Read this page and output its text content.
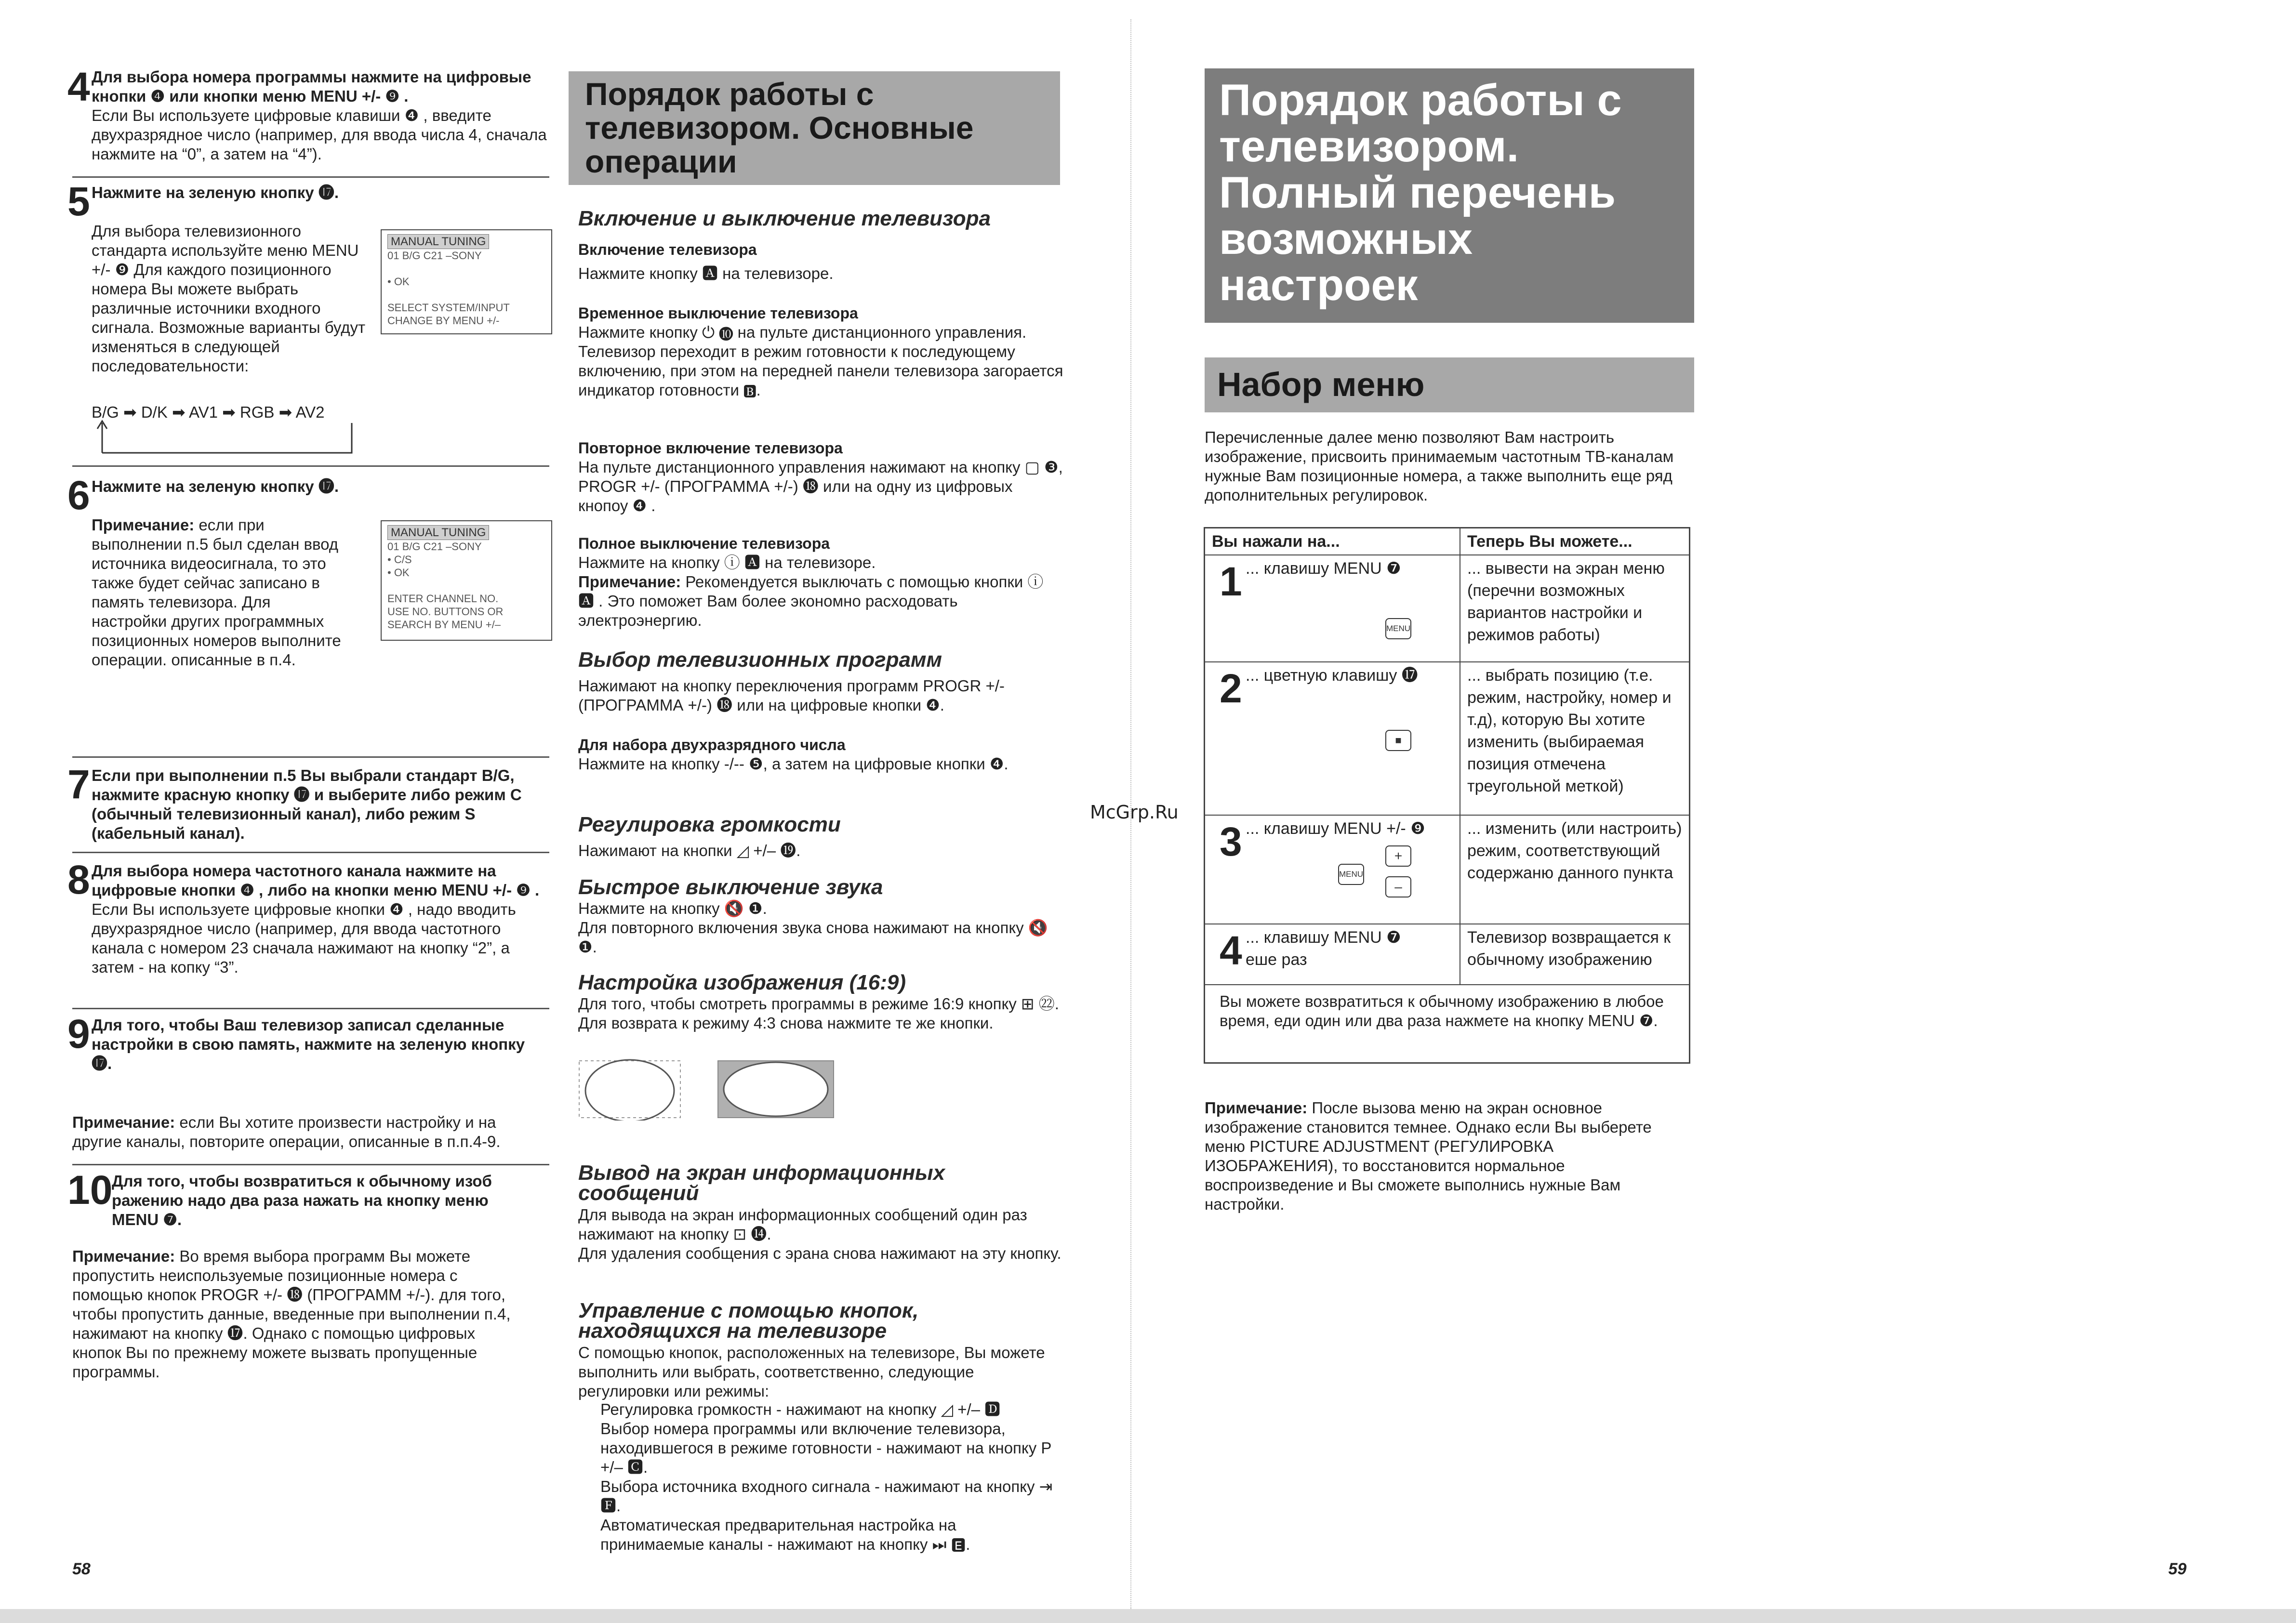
4 Для выбора номера программы нажмите на цифровые кнопки ❹ или кнопки меню MENU +/- ❾ .
Если Вы используете цифровые клавиши ❹ , введите двухразрядное число (например, для ввода числа 4, сначала нажмите на “0”, а затем на “4”).
5 Нажмите на зеленую кнопку ⓱.
Для выбора телевизионного стандарта используйте меню MENU +/- ❾ Для каждого позиционного номера Вы можете выбрать различные источники входного сигнала. Возможные варианты будут изменяться в следующей последовательности:
B/G ➡ D/K ➡ AV1 ➡ RGB ➡ AV2
MANUAL TUNING
01 B/G C21 –SONY

• OK

SELECT SYSTEM/INPUT
CHANGE BY MENU +/-
6 Нажмите на зеленую кнопку ⓱.
Примечание: если при выполнении п.5 был сделан ввод источника видеосигнала, то это также будет сейчас записано в память телевизора. Для настройки других программных позиционных номеров выполните операции. описанные в п.4.
MANUAL TUNING
01 B/G C21 –SONY
• C/S
• OK

ENTER CHANNEL NO.
USE NO. BUTTONS OR
SEARCH BY MENU +/–
7 Если при выполнении п.5 Вы выбрали стандарт B/G, нажмите красную кнопку ⓱ и выберите либо режим С (обычный телевизионный канал), либо режим S (кабельный канал).
8 Для выбора номера частотного канала нажмите на цифровые кнопки ❹ , либо на кнопки меню MENU +/- ❾ .
Если Вы используете цифровые кнопки ❹ , надо вводить двухразрядное число (например, для ввода частотного канала с номером 23 сначала нажимают на кнопку “2”, а затем - на копку “3”.
9 Для того, чтобы Ваш телевизор записал сделанные настройки в свою память, нажмите на зеленую кнопку ⓱.
Примечание: если Вы хотите произвести настройку и на другие каналы, повторите операции, описанные в п.п.4-9.
10
Для того, чтобы возвратиться к обычному изоб ражению надо два раза нажать на кнопку меню MENU ❼.
Примечание: Во время выбора программ Вы можете пропустить неиспользуемые позиционные номера с помощью кнопок PROGR +/- ⓲ (ПРОГРАММ +/-). для того, чтобы пропустить данные, введенные при выполнении п.4, нажимают на кнопку ⓱. Однако с помощью цифровых кнопок Вы по прежнему можете вызвать пропущенные программы.
58
Порядок работы с телевизором. Основные операции
Включение и выключение телевизора
Включение телевизора
Нажмите кнопку 🅰 на телевизоре.
Временное выключение телевизора
Нажмите кнопку ⏻ ❿ на пульте дистанционного управления. Телевизор переходит в режим готовности к последующему включению, при этом на передней панели телевизора загорается индикатор готовности 🅱.
Повторное включение телевизора
На пульте дистанционного управления нажимают на кнопку ▢ ❸, PROGR +/- (ПРОГРАММА +/-) ⓲ или на одну из цифровых кнопоу ❹ .
Полное выключение телевизора
Нажмите на кнопку ⓘ 🅰 на телевизоре.
Примечание: Рекомендуется выключать с помощью кнопки ⓘ 🅰 . Это поможет Вам более экономно расходовать электроэнергию.
Выбор телевизионных программ
Нажимают на кнопку переключения программ PROGR +/- (ПРОГРАММА +/-) ⓲ или на цифровые кнопки ❹.
Для набора двухразрядного числа
Нажмите на кнопку -/-- ❺, а затем на цифровые кнопки ❹.
Регулировка громкости
Нажимают на кнопки ◿ +/– ⓳.
Быстрое выключение звука
Нажмите на кнопку 🔇 ❶.
Для повторного включения звука снова нажимают на кнопку 🔇 ❶.
Настройка изображения (16:9)
Для того, чтобы смотреть программы в режиме 16:9 кнопку ⊞ ㉒.
Для возврата к режиму 4:3 снова нажмите те же кнопки.
Вывод на экран информационных сообщений
Для вывода на экран информационных сообщений один раз нажимают на кнопку ⊡ ⓮.
Для удаления сообщения с эрана снова нажимают на эту кнопку.
Управление с помощью кнопок, находящихся на телевизоре
С помощью кнопок, расположенных на телевизоре, Вы можете выполнить или выбрать, соответственно, следующие регулировки или режимы:
Регулировка громкостн - нажимают на кнопку ◿ +/– 🅳
Выбор номера программы или включение телевизора, находившегося в режиме готовности - нажимают на кнопку P +/– 🅲.
Выбора источника входного сигнала - нажимают на кнопку ⇥ 🅵.
Автоматическая предварительная настройка на принимаемые каналы - нажимают на кнопку ⏭ 🅴.
McGrp.Ru
Порядок работы с телевизором. Полный перечень возможных настроек
Набор меню
Перечисленные далее меню позволяют Вам настроить изображение, присвоить принимаемым частотным ТВ-каналам нужные Вам позиционные номера, а также выполнить еще ряд дополнительных регулировок.
Вы нажали на...	Теперь Вы можете...

1 ... клавишу MENU ❼
MENU	... вывести на экран меню (перечни возможных вариантов настройки и режимов работы)

2 ... цветную клавишу ⓱
■	... выбрать позицию (т.е. режим, настройку, номер и т.д), которую Вы хотите изменить (выбираемая позиция отмечена треугольной меткой)

3 ... клавишу MENU +/- ❾
MENU
+
–	... изменить (или настроить) режим, соответствующий содержаню данного пункта

4 ... клавишу MENU ❼
еше раз	Телевизор возвращается к обычному изображению
Вы можете возвратиться к обычному изображению в любое время, еди один или два раза нажмете на кнопку MENU ❼.	
Примечание: После вызова меню на экран основное изображение становится темнее. Однако если Вы выберете меню PICTURE ADJUSTMENT (РЕГУЛИРОВКА ИЗОБРАЖЕНИЯ), то восстановится нормальное воспроизведение и Вы сможете выполнись нужные Вам настройки.
59
